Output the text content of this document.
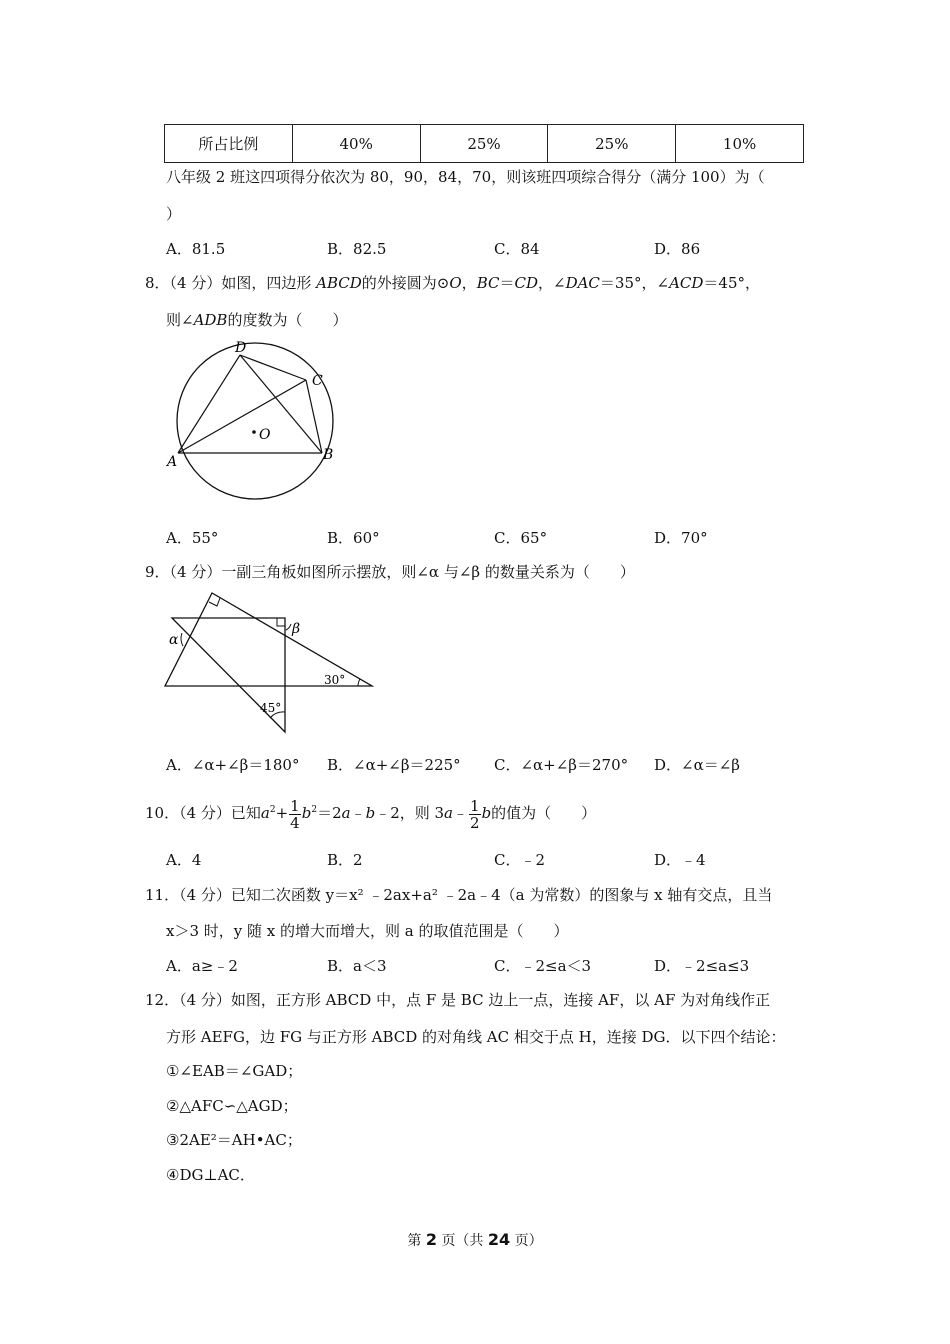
所占比例	40%	25%	25%	10%
八年级 2 班这四项得分依次为 80，90，84，70，则该班四项综合得分（满分 100）为（
）
A．81.5	B．82.5	C．84	D．86
8．（4 分）如图，四边形 ABCD的外接圆为⊙O，BC＝CD，∠DAC＝35°，∠ACD＝45°，
则∠ADB的度数为（　　）
D
C
O
A	B
A．55°	B．60°	C．65°	D．70°
9．（4 分）一副三角板如图所示摆放，则∠α 与∠β 的数量关系为（　　）
α
β
30°
45°
A．∠α+∠β＝180° B．∠α+∠β＝225° C．∠α+∠β＝270° D．∠α＝∠β
10．（4 分）已知$a^2+ \frac{1}{4}$ $b^2=2a﹣b﹣2$，则 3a﹣ $\frac{1}{2}$ b的值为（　　）
A．4	B．2	C．﹣2	D．﹣4
11．（4 分）已知二次函数 y＝x² ﹣2ax+a² ﹣2a﹣4（a 为常数）的图象与 x 轴有交点，且当
x＞3 时，y 随 x 的增大而增大，则 a 的取值范围是（　　）
A．a≥﹣2	B．a＜3	C．﹣2≤a＜3	D．﹣2≤a≤3
12．（4 分）如图，正方形 ABCD 中，点 F 是 BC 边上一点，连接 AF，以 AF 为对角线作正
方形 AEFG，边 FG 与正方形 ABCD 的对角线 AC 相交于点 H，连接 DG．以下四个结论：
①∠EAB＝∠GAD；
②△AFC∽△AGD；
③2AE²＝AH•AC；
④DG⊥AC．
第 2 页（共 24 页）
